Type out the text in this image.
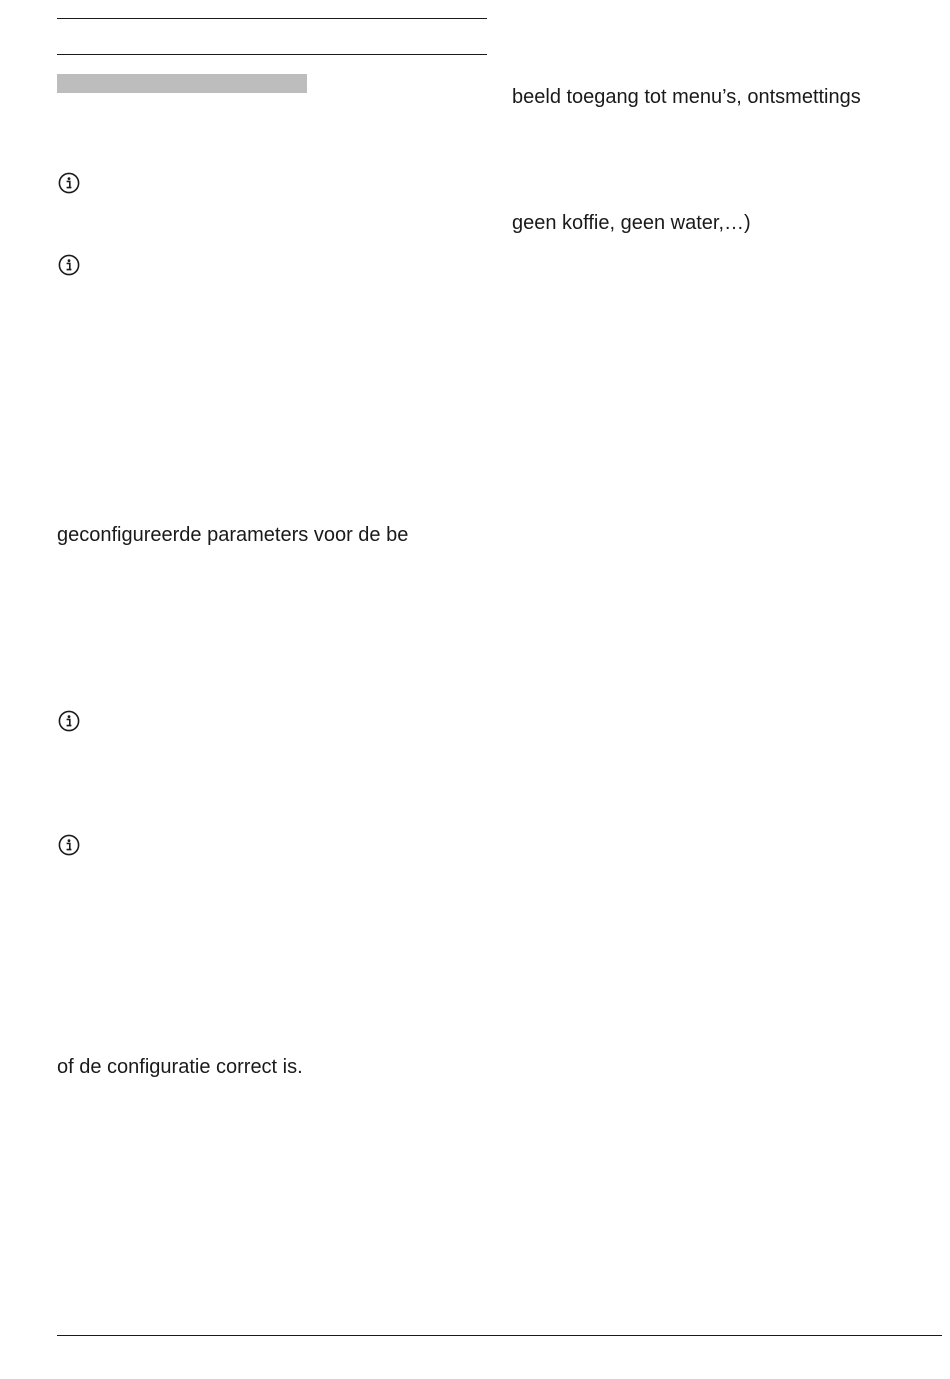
beeld toegang tot menu’s, ontsmettings
geen koffie, geen water,…)
geconfigureerde parameters voor de be
of de configuratie correct is.
